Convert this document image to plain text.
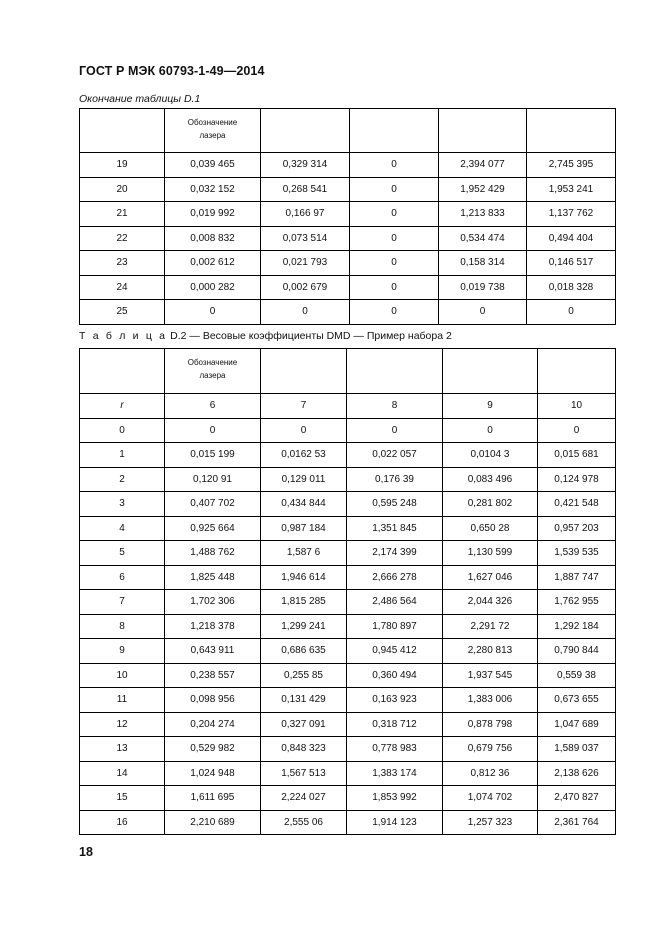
ГОСТ Р МЭК 60793-1-49—2014
Окончание таблицы D.1
	Обозначение
лазера				
19	0,039 465	0,329 314	0	2,394 077	2,745 395
20	0,032 152	0,268 541	0	1,952 429	1,953 241
21	0,019 992	0,166 97	0	1,213 833	1,137 762
22	0,008 832	0,073 514	0	0,534 474	0,494 404
23	0,002 612	0,021 793	0	0,158 314	0,146 517
24	0,000 282	0,002 679	0	0,019 738	0,018 328
25	0	0	0	0	0
Т а б л и ц а D.2 — Весовые коэффициенты DMD — Пример набора 2
	Обозначение
лазера				
r	6	7	8	9	10
0	0	0	0	0	0
1	0,015 199	0,0162 53	0,022 057	0,0104 3	0,015 681
2	0,120 91	0,129 011	0,176 39	0,083 496	0,124 978
3	0,407 702	0,434 844	0,595 248	0,281 802	0,421 548
4	0,925 664	0,987 184	1,351 845	0,650 28	0,957 203
5	1,488 762	1,587 6	2,174 399	1,130 599	1,539 535
6	1,825 448	1,946 614	2,666 278	1,627 046	1,887 747
7	1,702 306	1,815 285	2,486 564	2,044 326	1,762 955
8	1,218 378	1,299 241	1,780 897	2,291 72	1,292 184
9	0,643 911	0,686 635	0,945 412	2,280 813	0,790 844
10	0,238 557	0,255 85	0,360 494	1,937 545	0,559 38
11	0,098 956	0,131 429	0,163 923	1,383 006	0,673 655
12	0,204 274	0,327 091	0,318 712	0,878 798	1,047 689
13	0,529 982	0,848 323	0,778 983	0,679 756	1,589 037
14	1,024 948	1,567 513	1,383 174	0,812 36	2,138 626
15	1,611 695	2,224 027	1,853 992	1,074 702	2,470 827
16	2,210 689	2,555 06	1,914 123	1,257 323	2,361 764
18
